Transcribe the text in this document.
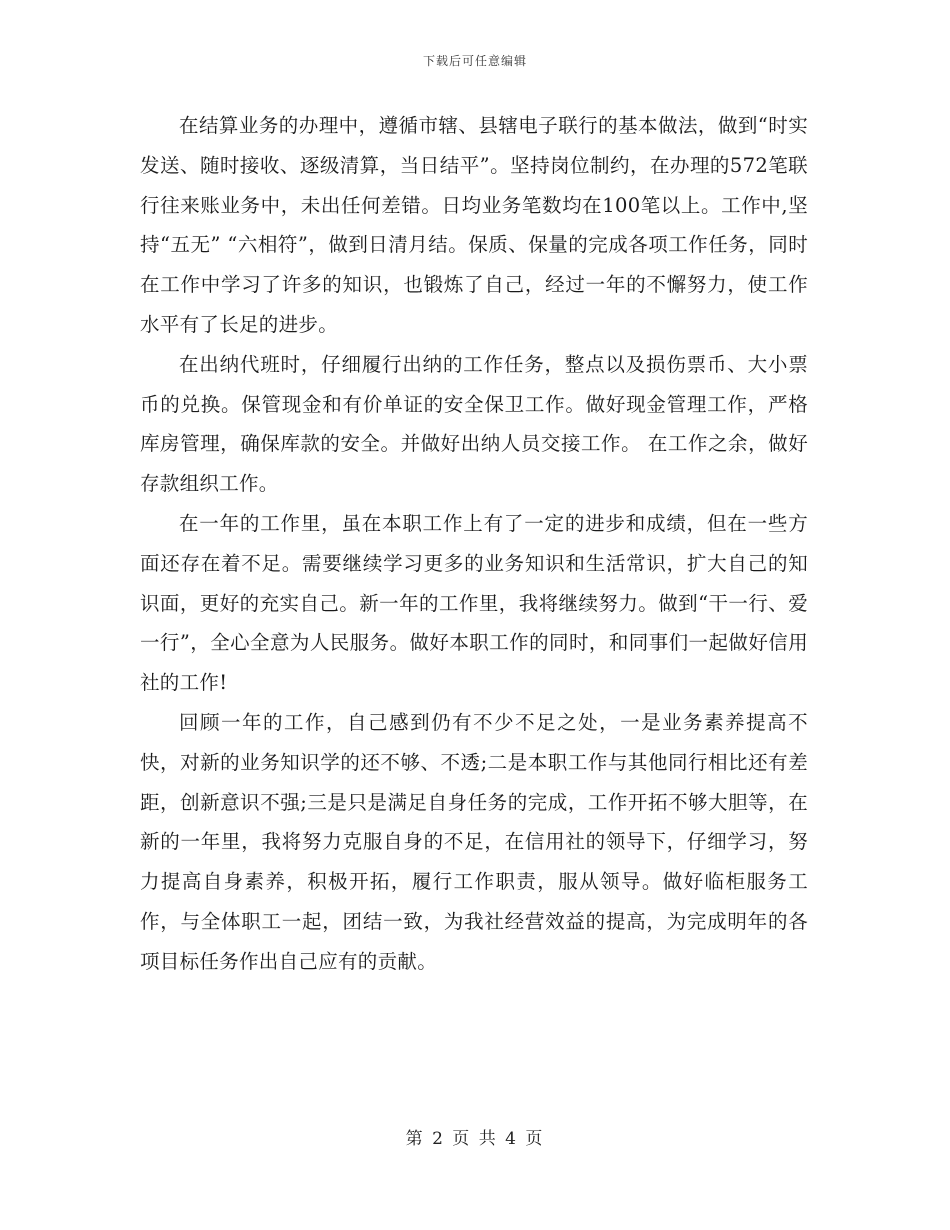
下载后可任意编辑

在结算业务的办理中，遵循市辖、县辖电子联行的基本做法，做到“时实发送、随时接收、逐级清算，当日结平”。坚持岗位制约，在办理的572笔联行往来账业务中，未出任何差错。日均业务笔数均在100笔以上。工作中,坚持“五无” “六相符”，做到日清月结。保质、保量的完成各项工作任务，同时在工作中学习了许多的知识，也锻炼了自己，经过一年的不懈努力，使工作水平有了长足的进步。

在出纳代班时，仔细履行出纳的工作任务，整点以及损伤票币、大小票币的兑换。保管现金和有价单证的安全保卫工作。做好现金管理工作，严格库房管理，确保库款的安全。并做好出纳人员交接工作。 在工作之余，做好存款组织工作。

在一年的工作里，虽在本职工作上有了一定的进步和成绩，但在一些方面还存在着不足。需要继续学习更多的业务知识和生活常识，扩大自己的知识面，更好的充实自己。新一年的工作里，我将继续努力。做到“干一行、爱一行”，全心全意为人民服务。做好本职工作的同时，和同事们一起做好信用社的工作!

回顾一年的工作，自己感到仍有不少不足之处，一是业务素养提高不快，对新的业务知识学的还不够、不透;二是本职工作与其他同行相比还有差距，创新意识不强;三是只是满足自身任务的完成，工作开拓不够大胆等，在新的一年里，我将努力克服自身的不足，在信用社的领导下，仔细学习，努力提高自身素养，积极开拓，履行工作职责，服从领导。做好临柜服务工作，与全体职工一起，团结一致，为我社经营效益的提高，为完成明年的各项目标任务作出自己应有的贡献。

第 2 页 共 4 页
